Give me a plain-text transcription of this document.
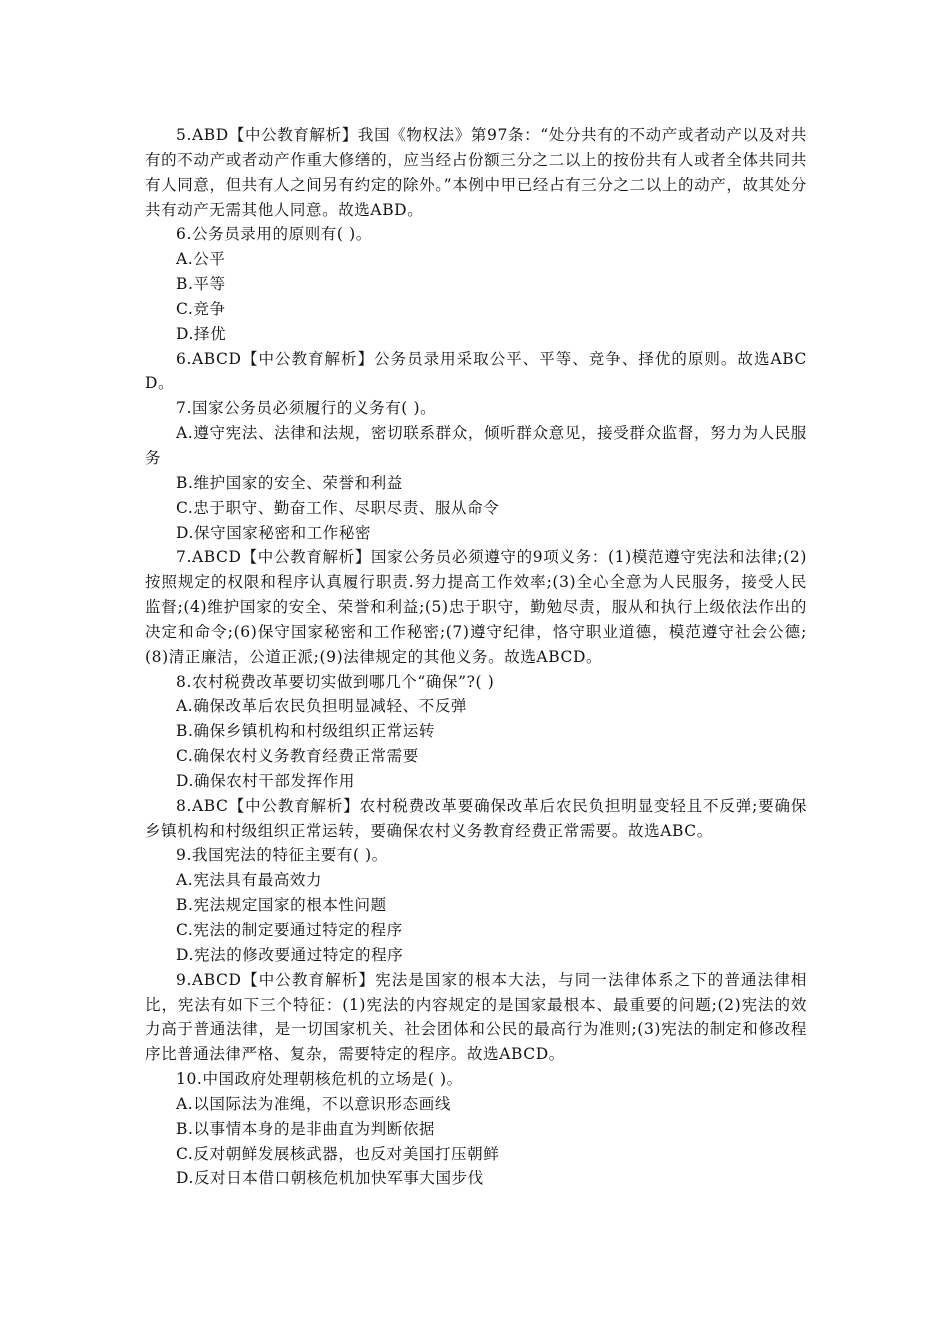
5.ABD【中公教育解析】我国《物权法》第97条：“处分共有的不动产或者动产以及对共有的不动产或者动产作重大修缮的，应当经占份额三分之二以上的按份共有人或者全体共同共有人同意，但共有人之间另有约定的除外。”本例中甲已经占有三分之二以上的动产，故其处分共有动产无需其他人同意。故选ABD。

6.公务员录用的原则有( )。

A.公平

B.平等

C.竞争

D.择优

6.ABCD【中公教育解析】公务员录用采取公平、平等、竞争、择优的原则。故选ABCD。

7.国家公务员必须履行的义务有( )。

A.遵守宪法、法律和法规，密切联系群众，倾听群众意见，接受群众监督，努力为人民服务

B.维护国家的安全、荣誉和利益

C.忠于职守、勤奋工作、尽职尽责、服从命令

D.保守国家秘密和工作秘密

7.ABCD【中公教育解析】国家公务员必须遵守的9项义务：(1)模范遵守宪法和法律;(2)按照规定的权限和程序认真履行职责.努力提高工作效率;(3)全心全意为人民服务，接受人民监督;(4)维护国家的安全、荣誉和利益;(5)忠于职守，勤勉尽责，服从和执行上级依法作出的决定和命令;(6)保守国家秘密和工作秘密;(7)遵守纪律，恪守职业道德，模范遵守社会公德;(8)清正廉洁，公道正派;(9)法律规定的其他义务。故选ABCD。

8.农村税费改革要切实做到哪几个“确保”?( )

A.确保改革后农民负担明显减轻、不反弹

B.确保乡镇机构和村级组织正常运转

C.确保农村义务教育经费正常需要

D.确保农村干部发挥作用

8.ABC【中公教育解析】农村税费改革要确保改革后农民负担明显变轻且不反弹;要确保乡镇机构和村级组织正常运转，要确保农村义务教育经费正常需要。故选ABC。

9.我国宪法的特征主要有( )。

A.宪法具有最高效力

B.宪法规定国家的根本性问题

C.宪法的制定要通过特定的程序

D.宪法的修改要通过特定的程序

9.ABCD【中公教育解析】宪法是国家的根本大法，与同一法律体系之下的普通法律相比，宪法有如下三个特征：(1)宪法的内容规定的是国家最根本、最重要的问题;(2)宪法的效力高于普通法律，是一切国家机关、社会团体和公民的最高行为准则;(3)宪法的制定和修改程序比普通法律严格、复杂，需要特定的程序。故选ABCD。

10.中国政府处理朝核危机的立场是( )。

A.以国际法为准绳，不以意识形态画线

B.以事情本身的是非曲直为判断依据

C.反对朝鲜发展核武器，也反对美国打压朝鲜

D.反对日本借口朝核危机加快军事大国步伐
